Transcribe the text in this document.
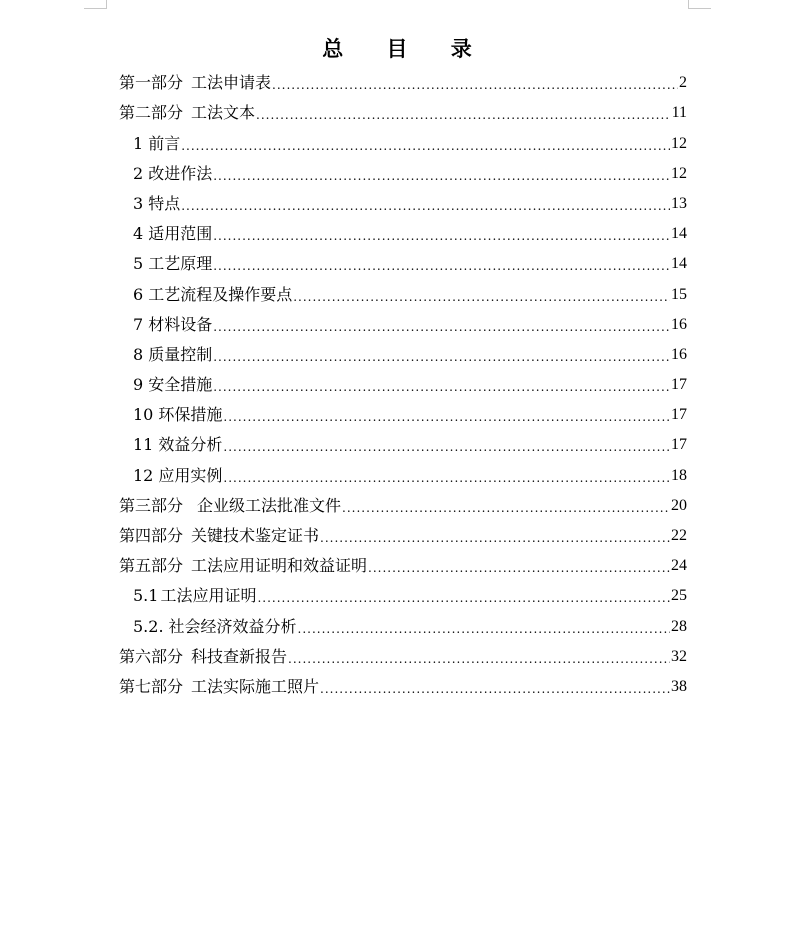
总 目 录
第一部分 工法申请表 .....	2
第二部分 工法文本 .....	11
1 前言 .....	12
2 改进作法 .....	12
3 特点 .....	13
4 适用范围 .....	14
5 工艺原理 .....	14
6 工艺流程及操作要点 .....	15
7 材料设备 .....	16
8 质量控制 .....	16
9 安全措施 .....	17
10 环保措施 .....	17
11 效益分析 .....	17
12 应用实例 .....	18
第三部分 企业级工法批准文件 .....	20
第四部分 关键技术鉴定证书 .....	22
第五部分 工法应用证明和效益证明 .....	24
5.1 工法应用证明 .....	25
5.2. 社会经济效益分析 .....	28
第六部分 科技查新报告 .....	32
第七部分 工法实际施工照片 .....	38
